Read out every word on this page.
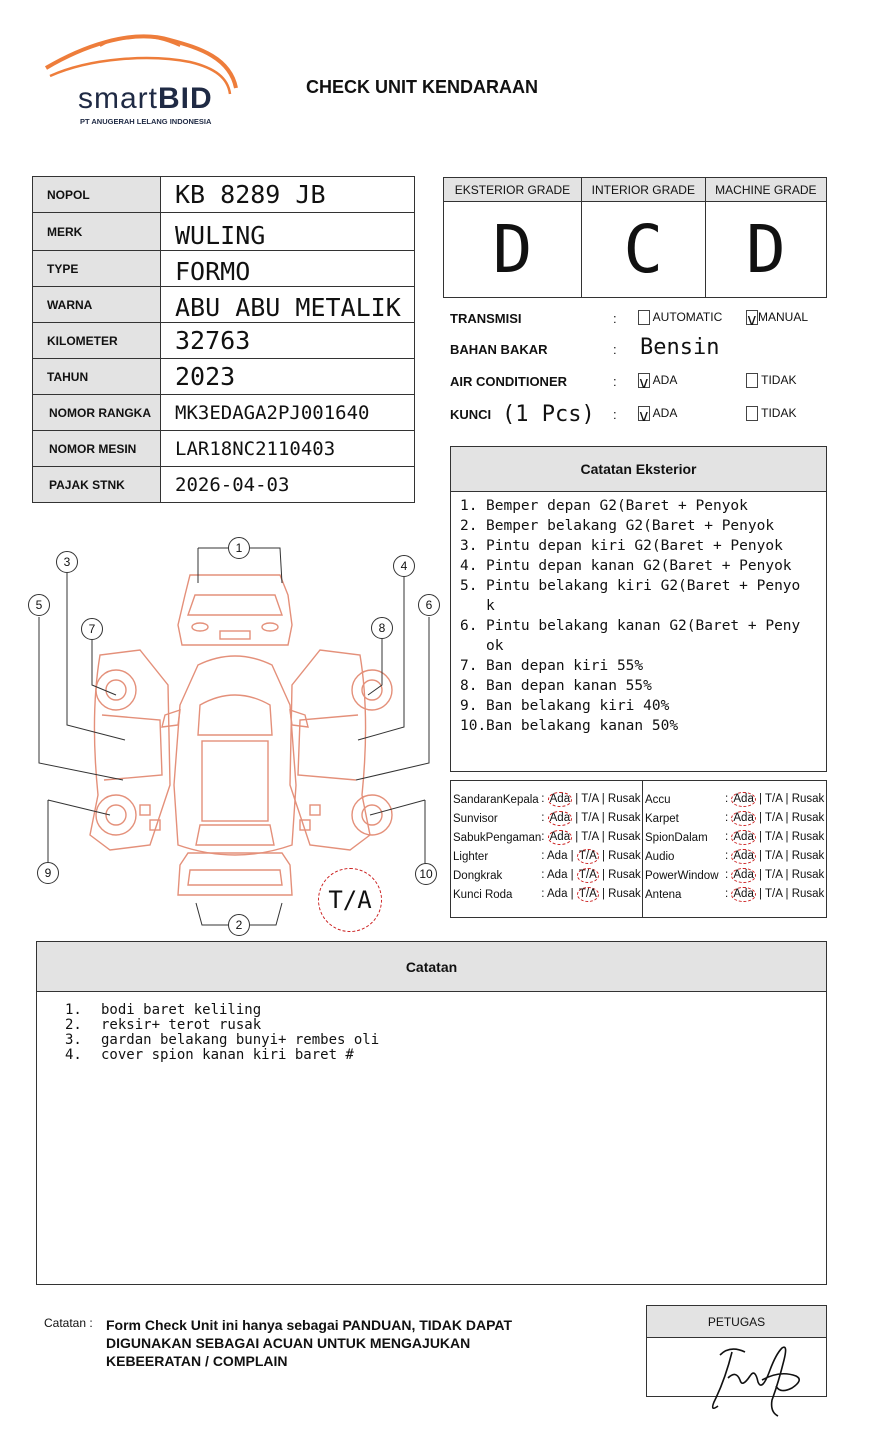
smartBID
PT ANUGERAH LELANG INDONESIA
CHECK UNIT KENDARAAN
NOPOL	KB 8289 JB
MERK	WULING
TYPE	FORMO
WARNA	ABU ABU METALIK
KILOMETER	32763
TAHUN	2023
NOMOR RANGKA	MK3EDAGA2PJ001640
NOMOR MESIN	LAR18NC2110403
PAJAK STNK	2026-04-03
EKSTERIOR GRADE	INTERIOR GRADE	MACHINE GRADE
D	C	D
TRANSMISI	:	AUTOMATIC v MANUAL
BAHAN BAKAR	: Bensin
AIR CONDITIONER	: v ADA	TIDAK
KUNCI (1 Pcs) : v ADA	TIDAK
Catatan Eksterior
1. Bemper depan G2(Baret + Penyok
2. Bemper belakang G2(Baret + Penyok
3. Pintu depan kiri G2(Baret + Penyok
4. Pintu depan kanan G2(Baret + Penyok
5. Pintu belakang kiri G2(Baret + Penyo
k
6. Pintu belakang kanan G2(Baret + Peny
ok
7. Ban depan kiri 55%
8. Ban depan kanan 55%
9. Ban belakang kiri 40%
10. Ban belakang kanan 50%
SandaranKepala	: Ada | T/A | Rusak
Sunvisor	: Ada | T/A | Rusak
SabukPengaman	: Ada | T/A | Rusak
Lighter	: Ada | T/A | Rusak
Dongkrak	: Ada | T/A | Rusak
Kunci Roda	: Ada | T/A | Rusak
Accu	: Ada | T/A | Rusak
Karpet	: Ada | T/A | Rusak
SpionDalam	: Ada | T/A | Rusak
Audio	: Ada | T/A | Rusak
PowerWindow	: Ada | T/A | Rusak
Antena	: Ada | T/A | Rusak
1
2
3	4
5	6
7	8
9	10
T/A
Catatan
1.	bodi baret keliling
2.	reksir+ terot rusak
3.	gardan belakang bunyi+ rembes oli
4.	cover spion kanan kiri baret #
Catatan : Form Check Unit ini hanya sebagai PANDUAN, TIDAK DAPAT
DIGUNAKAN SEBAGAI ACUAN UNTUK MENGAJUKAN
KEBEERATAN / COMPLAIN
PETUGAS
